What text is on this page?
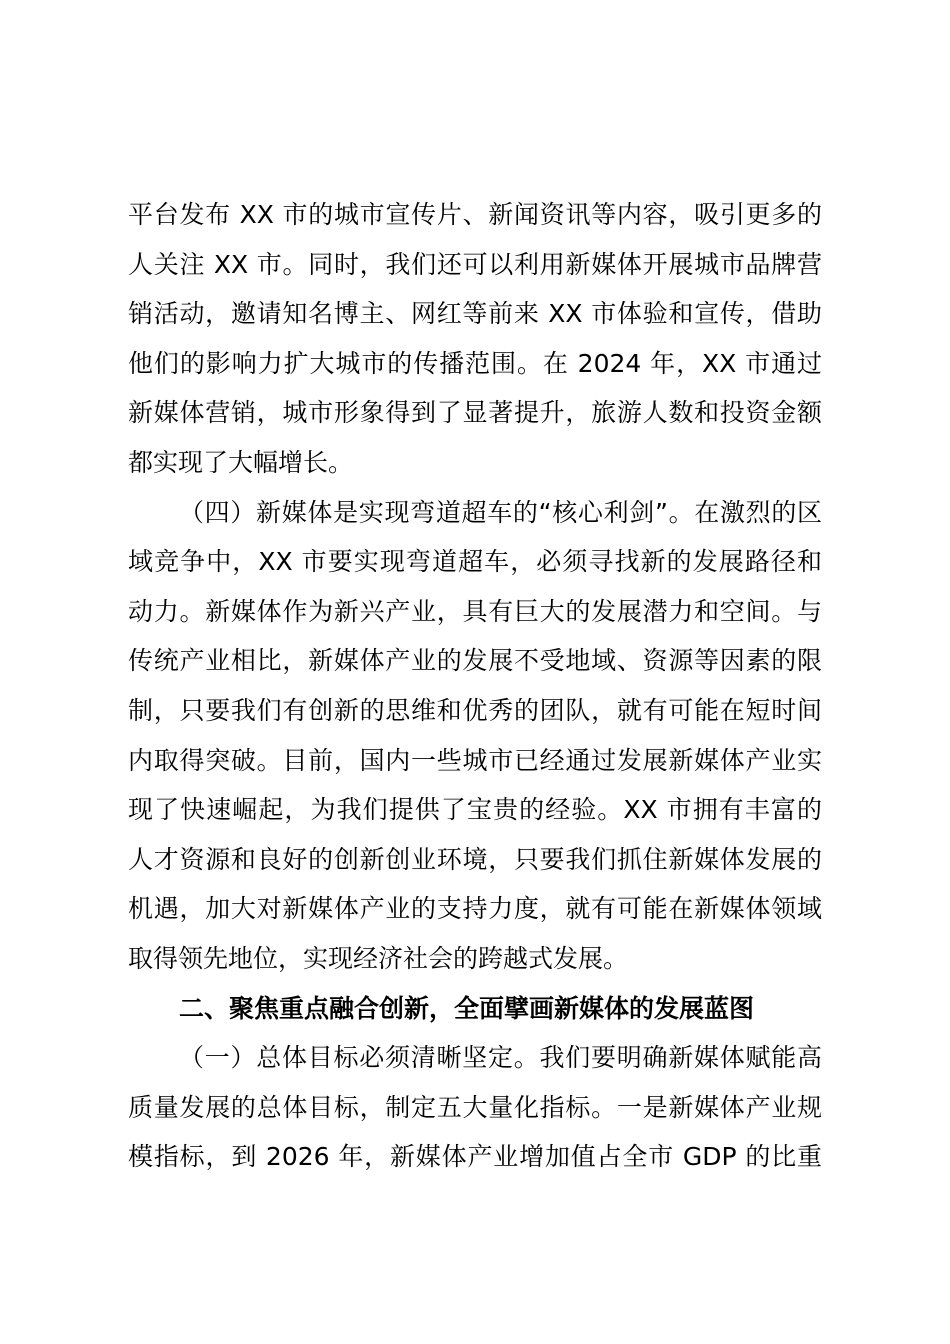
平台发布 XX 市的城市宣传片、新闻资讯等内容，吸引更多的
人关注 XX 市。同时，我们还可以利用新媒体开展城市品牌营
销活动，邀请知名博主、网红等前来 XX 市体验和宣传，借助
他们的影响力扩大城市的传播范围。在 2024 年，XX 市通过
新媒体营销，城市形象得到了显著提升，旅游人数和投资金额
都实现了大幅增长。
（四）新媒体是实现弯道超车的“核心利剑”。在激烈的区
域竞争中，XX 市要实现弯道超车，必须寻找新的发展路径和
动力。新媒体作为新兴产业，具有巨大的发展潜力和空间。与
传统产业相比，新媒体产业的发展不受地域、资源等因素的限
制，只要我们有创新的思维和优秀的团队，就有可能在短时间
内取得突破。目前，国内一些城市已经通过发展新媒体产业实
现了快速崛起，为我们提供了宝贵的经验。XX 市拥有丰富的
人才资源和良好的创新创业环境，只要我们抓住新媒体发展的
机遇，加大对新媒体产业的支持力度，就有可能在新媒体领域
取得领先地位，实现经济社会的跨越式发展。
二、聚焦重点融合创新，全面擘画新媒体的发展蓝图
（一）总体目标必须清晰坚定。我们要明确新媒体赋能高
质量发展的总体目标，制定五大量化指标。一是新媒体产业规
模指标，到 2026 年，新媒体产业增加值占全市 GDP 的比重
